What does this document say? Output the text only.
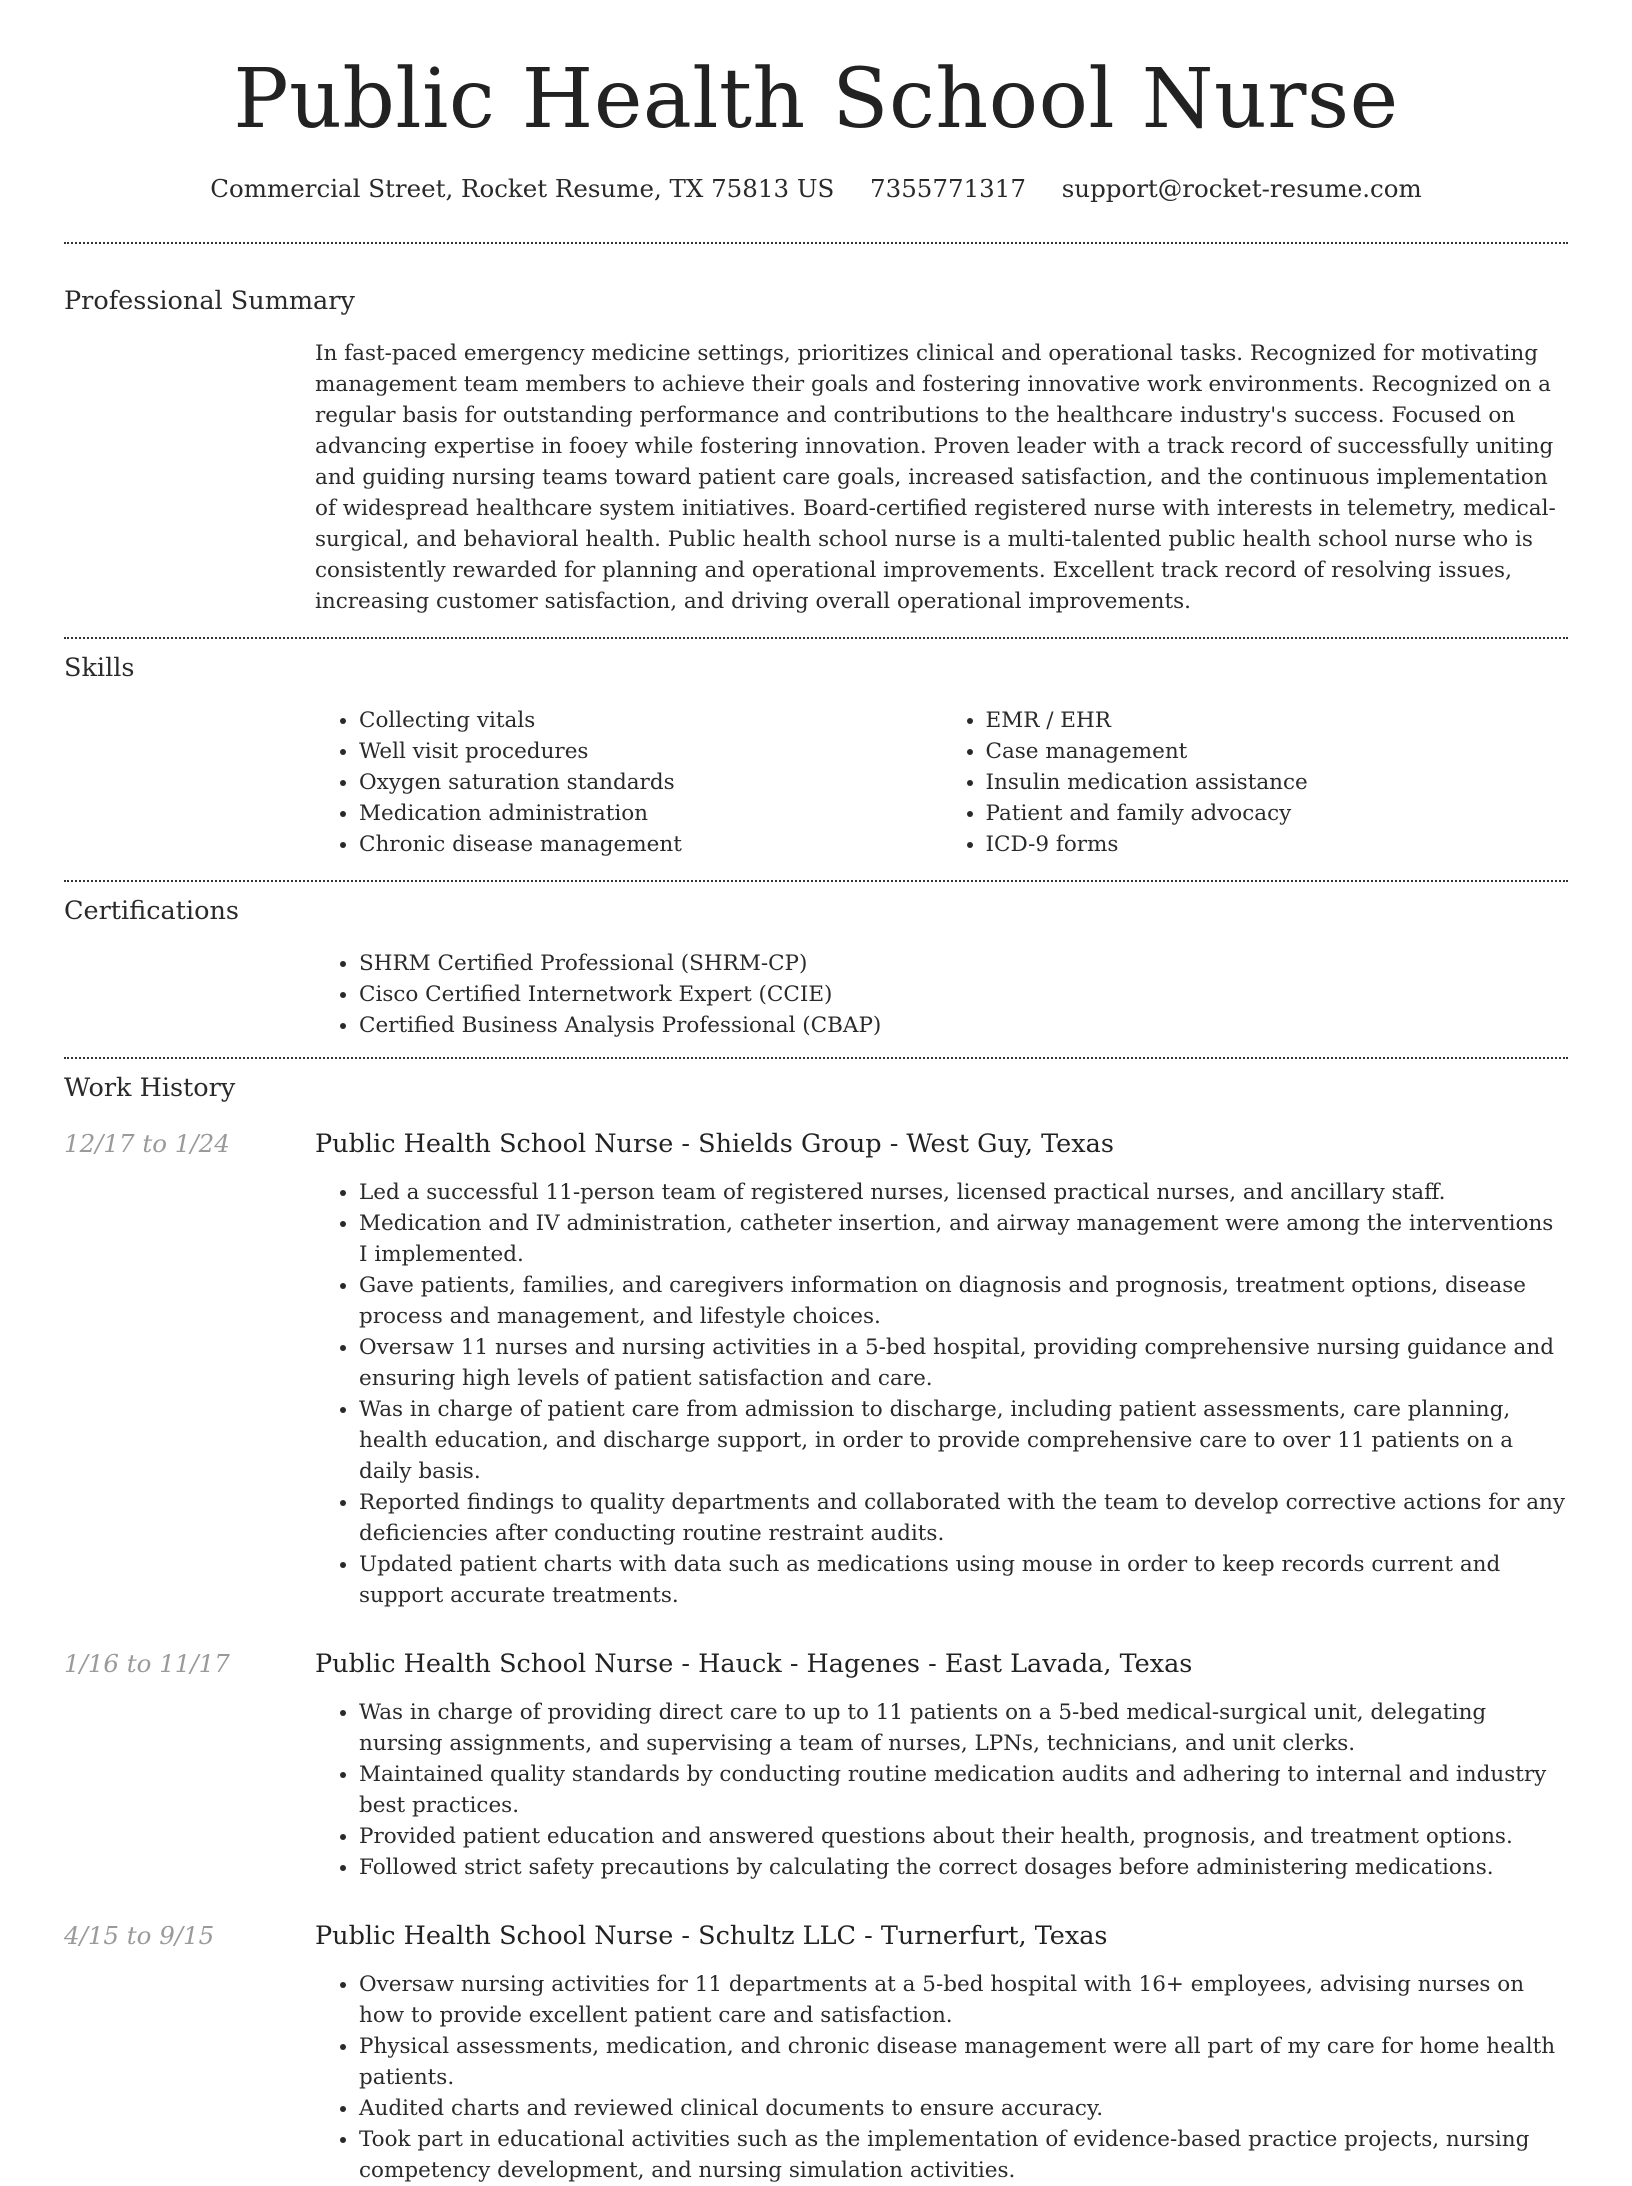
Public Health School Nurse
Commercial Street, Rocket Resume, TX 75813 US 7355771317 support@rocket-resume.com
Professional Summary
In fast-paced emergency medicine settings, prioritizes clinical and operational tasks. Recognized for motivating management team members to achieve their goals and fostering innovative work environments. Recognized on a regular basis for outstanding performance and contributions to the healthcare industry's success. Focused on advancing expertise in fooey while fostering innovation. Proven leader with a track record of successfully uniting and guiding nursing teams toward patient care goals, increased satisfaction, and the continuous implementation of widespread healthcare system initiatives. Board-certified registered nurse with interests in telemetry, medical-surgical, and behavioral health. Public health school nurse is a multi-talented public health school nurse who is consistently rewarded for planning and operational improvements. Excellent track record of resolving issues, increasing customer satisfaction, and driving overall operational improvements.
Skills
• Collecting vitals
• Well visit procedures
• Oxygen saturation standards
• Medication administration
• Chronic disease management
• EMR / EHR
• Case management
• Insulin medication assistance
• Patient and family advocacy
• ICD-9 forms
Certifications
• SHRM Certified Professional (SHRM-CP)
• Cisco Certified Internetwork Expert (CCIE)
• Certified Business Analysis Professional (CBAP)
Work History
12/17 to 1/24	Public Health School Nurse - Shields Group - West Guy, Texas
• Led a successful 11-person team of registered nurses, licensed practical nurses, and ancillary staff.
• Medication and IV administration, catheter insertion, and airway management were among the interventions I implemented.
• Gave patients, families, and caregivers information on diagnosis and prognosis, treatment options, disease process and management, and lifestyle choices.
• Oversaw 11 nurses and nursing activities in a 5-bed hospital, providing comprehensive nursing guidance and ensuring high levels of patient satisfaction and care.
• Was in charge of patient care from admission to discharge, including patient assessments, care planning, health education, and discharge support, in order to provide comprehensive care to over 11 patients on a daily basis.
• Reported findings to quality departments and collaborated with the team to develop corrective actions for any deficiencies after conducting routine restraint audits.
• Updated patient charts with data such as medications using mouse in order to keep records current and support accurate treatments.
1/16 to 11/17	Public Health School Nurse - Hauck - Hagenes - East Lavada, Texas
• Was in charge of providing direct care to up to 11 patients on a 5-bed medical-surgical unit, delegating nursing assignments, and supervising a team of nurses, LPNs, technicians, and unit clerks.
• Maintained quality standards by conducting routine medication audits and adhering to internal and industry best practices.
• Provided patient education and answered questions about their health, prognosis, and treatment options.
• Followed strict safety precautions by calculating the correct dosages before administering medications.
4/15 to 9/15	Public Health School Nurse - Schultz LLC - Turnerfurt, Texas
• Oversaw nursing activities for 11 departments at a 5-bed hospital with 16+ employees, advising nurses on how to provide excellent patient care and satisfaction.
• Physical assessments, medication, and chronic disease management were all part of my care for home health patients.
• Audited charts and reviewed clinical documents to ensure accuracy.
• Took part in educational activities such as the implementation of evidence-based practice projects, nursing competency development, and nursing simulation activities.
